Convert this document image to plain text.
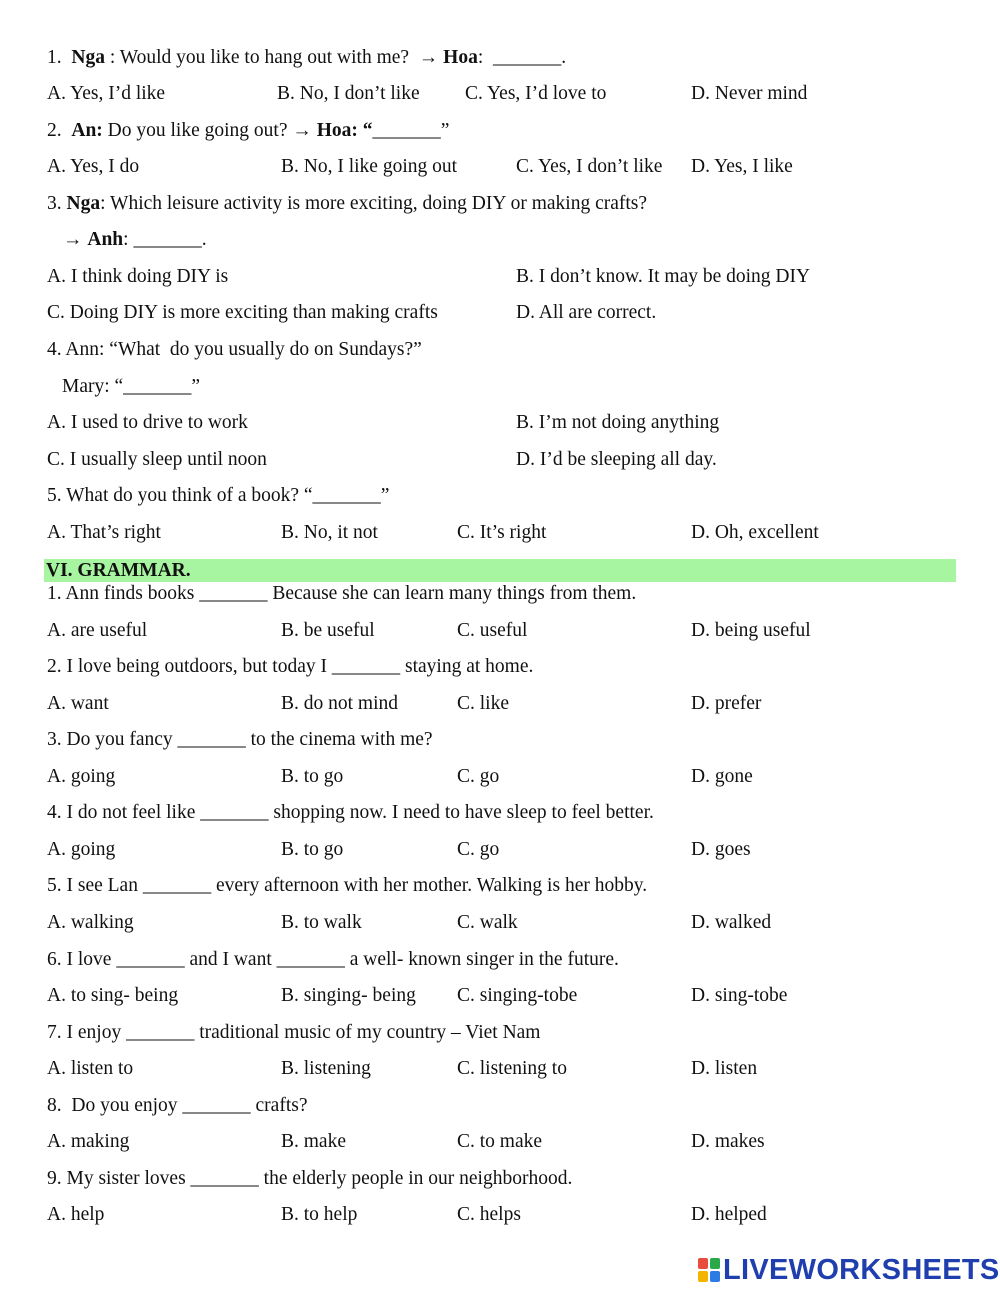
1.  Nga : Would you like to hang out with me?  → Hoa:  _______.

A. Yes, I’d like

	B. No, I don’t like

C. Yes, I’d love to

	D. Never mind

2.  An: Do you like going out? → Hoa: “_______”

A. Yes, I do

	B. No, I like going out

	C. Yes, I don’t like

D. Yes, I like

3. Nga: Which leisure activity is more exciting, doing DIY or making crafts?
→ Anh: _______.

A. I think doing DIY is

	B. I don’t know. It may be doing DIY

C. Doing DIY is more exciting than making crafts

	D. All are correct.

4. Ann: “What  do you usually do on Sundays?”
Mary: “_______”

A. I used to drive to work

	B. I’m not doing anything

C. I usually sleep until noon

	D. I’d be sleeping all day.

5. What do you think of a book? “_______”

A. That’s right

	B. No, it not

	C. It’s right

	D. Oh, excellent

VI. GRAMMAR.
1. Ann finds books _______ Because she can learn many things from them.
A. are useful	B. be useful	C. useful	D. being useful
2. I love being outdoors, but today I _______ staying at home.
A. want	B. do not mind	C. like	D. prefer
3. Do you fancy _______ to the cinema with me?
A. going	B. to go	C. go	D. gone
4. I do not feel like _______ shopping now. I need to have sleep to feel better.
A. going	B. to go	C. go	D. goes
5. I see Lan _______ every afternoon with her mother. Walking is her hobby.
A. walking	B. to walk	C. walk	D. walked
6. I love _______ and I want _______ a well- known singer in the future.
A. to sing- being	B. singing- being C. singing-tobe	D. sing-tobe
7. I enjoy _______ traditional music of my country – Viet Nam
A. listen to	B. listening	C. listening to	D. listen
8.  Do you enjoy _______ crafts?
A. making	B. make	C. to make	D. makes
9. My sister loves _______ the elderly people in our neighborhood.
A. help	B. to help	C. helps	D. helped
LIVEWORKSHEETS
